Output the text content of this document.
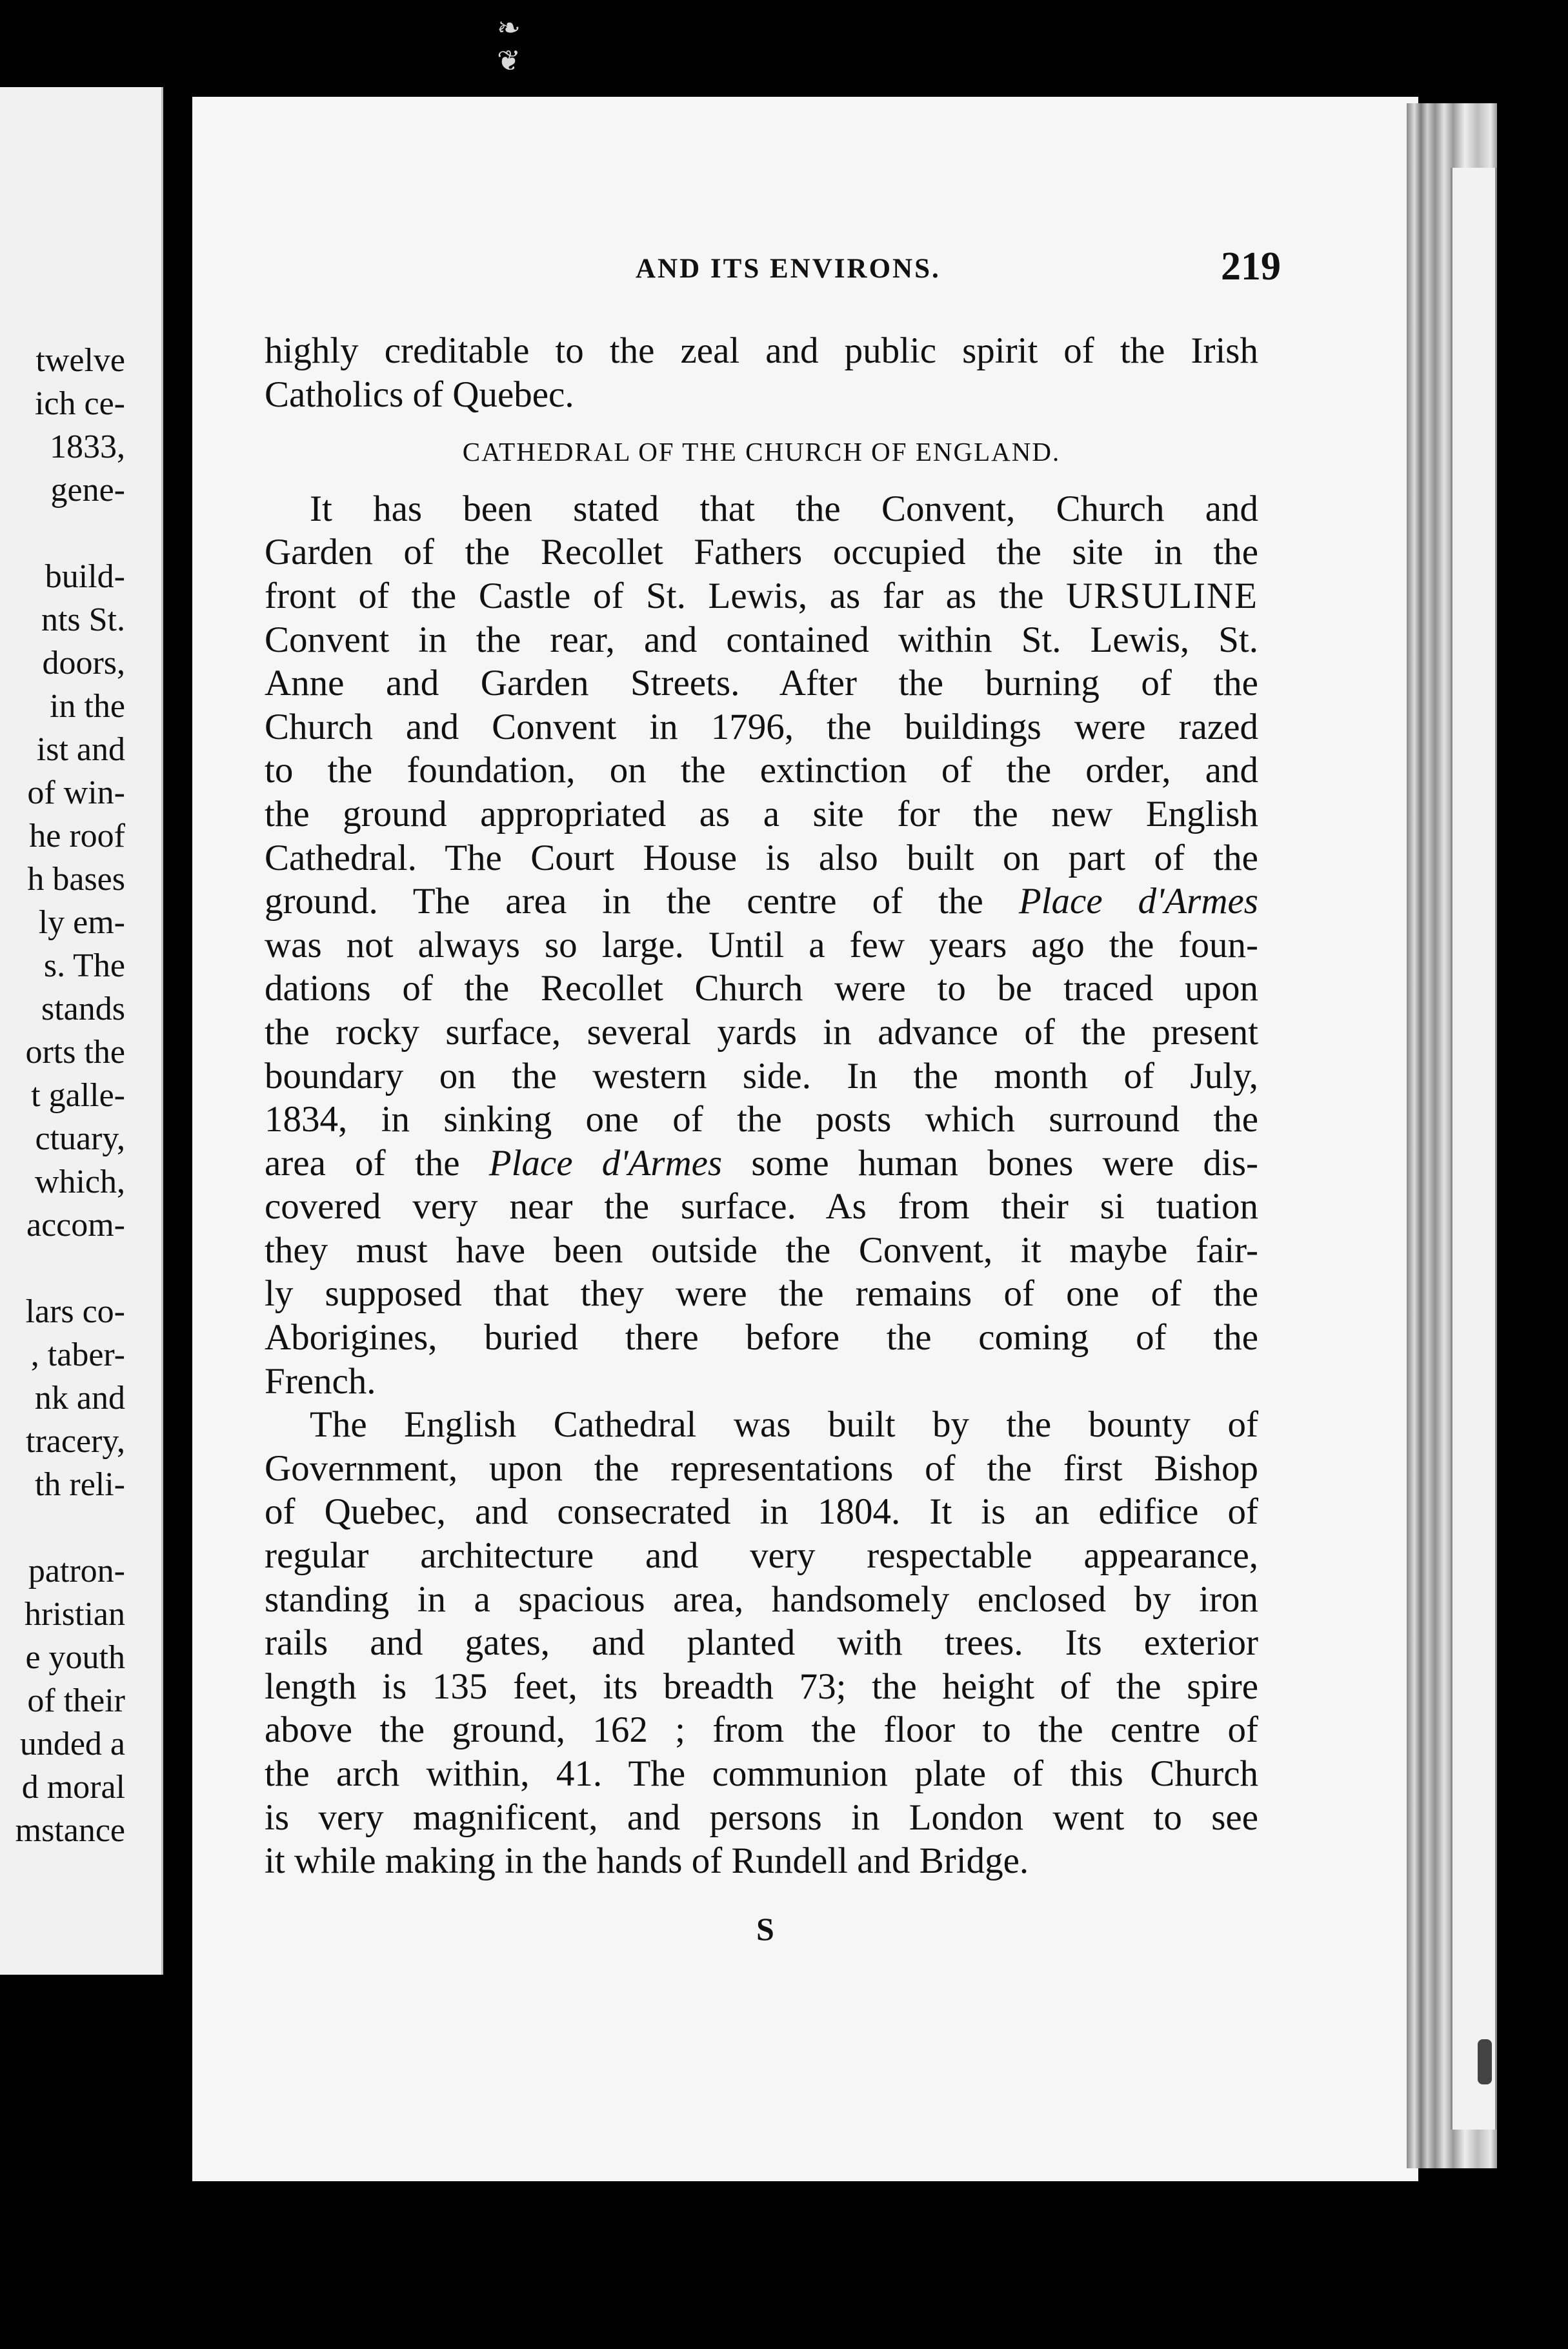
❧ ❦
twelve
ich ce-
1833,
gene-
build-
nts St.
doors,
in the
ist and
of win-
he roof
h bases
ly em-
s. The
stands
orts the
t galle-
ctuary,
which,
accom-
lars co-
, taber-
nk and
tracery,
th reli-
patron-
hristian
e youth
of their
unded a
d moral
mstance
AND ITS ENVIRONS.	219
highly creditable to the zeal and public spirit of the Irish
Catholics of Quebec.
CATHEDRAL OF THE CHURCH OF ENGLAND.
It has been stated that the Convent, Church and
Garden of the Recollet Fathers occupied the site in the
front of the Castle of St. Lewis, as far as the URSULINE
Convent in the rear, and contained within St. Lewis, St.
Anne and Garden Streets. After the burning of the
Church and Convent in 1796, the buildings were razed
to the foundation, on the extinction of the order, and
the ground appropriated as a site for the new English
Cathedral. The Court House is also built on part of the
ground. The area in the centre of the Place d'Armes
was not always so large. Until a few years ago the foun-
dations of the Recollet Church were to be traced upon
the rocky surface, several yards in advance of the present
boundary on the western side. In the month of July,
1834, in sinking one of the posts which surround the
area of the Place d'Armes some human bones were dis-
covered very near the surface. As from their si tuation
they must have been outside the Convent, it maybe fair-
ly supposed that they were the remains of one of the
Aborigines, buried there before the coming of the
French.
The English Cathedral was built by the bounty of
Government, upon the representations of the first Bishop
of Quebec, and consecrated in 1804. It is an edifice of
regular architecture and very respectable appearance,
standing in a spacious area, handsomely enclosed by iron
rails and gates, and planted with trees. Its exterior
length is 135 feet, its breadth 73; the height of the spire
above the ground, 162 ; from the floor to the centre of
the arch within, 41. The communion plate of this Church
is very magnificent, and persons in London went to see
it while making in the hands of Rundell and Bridge.
S
